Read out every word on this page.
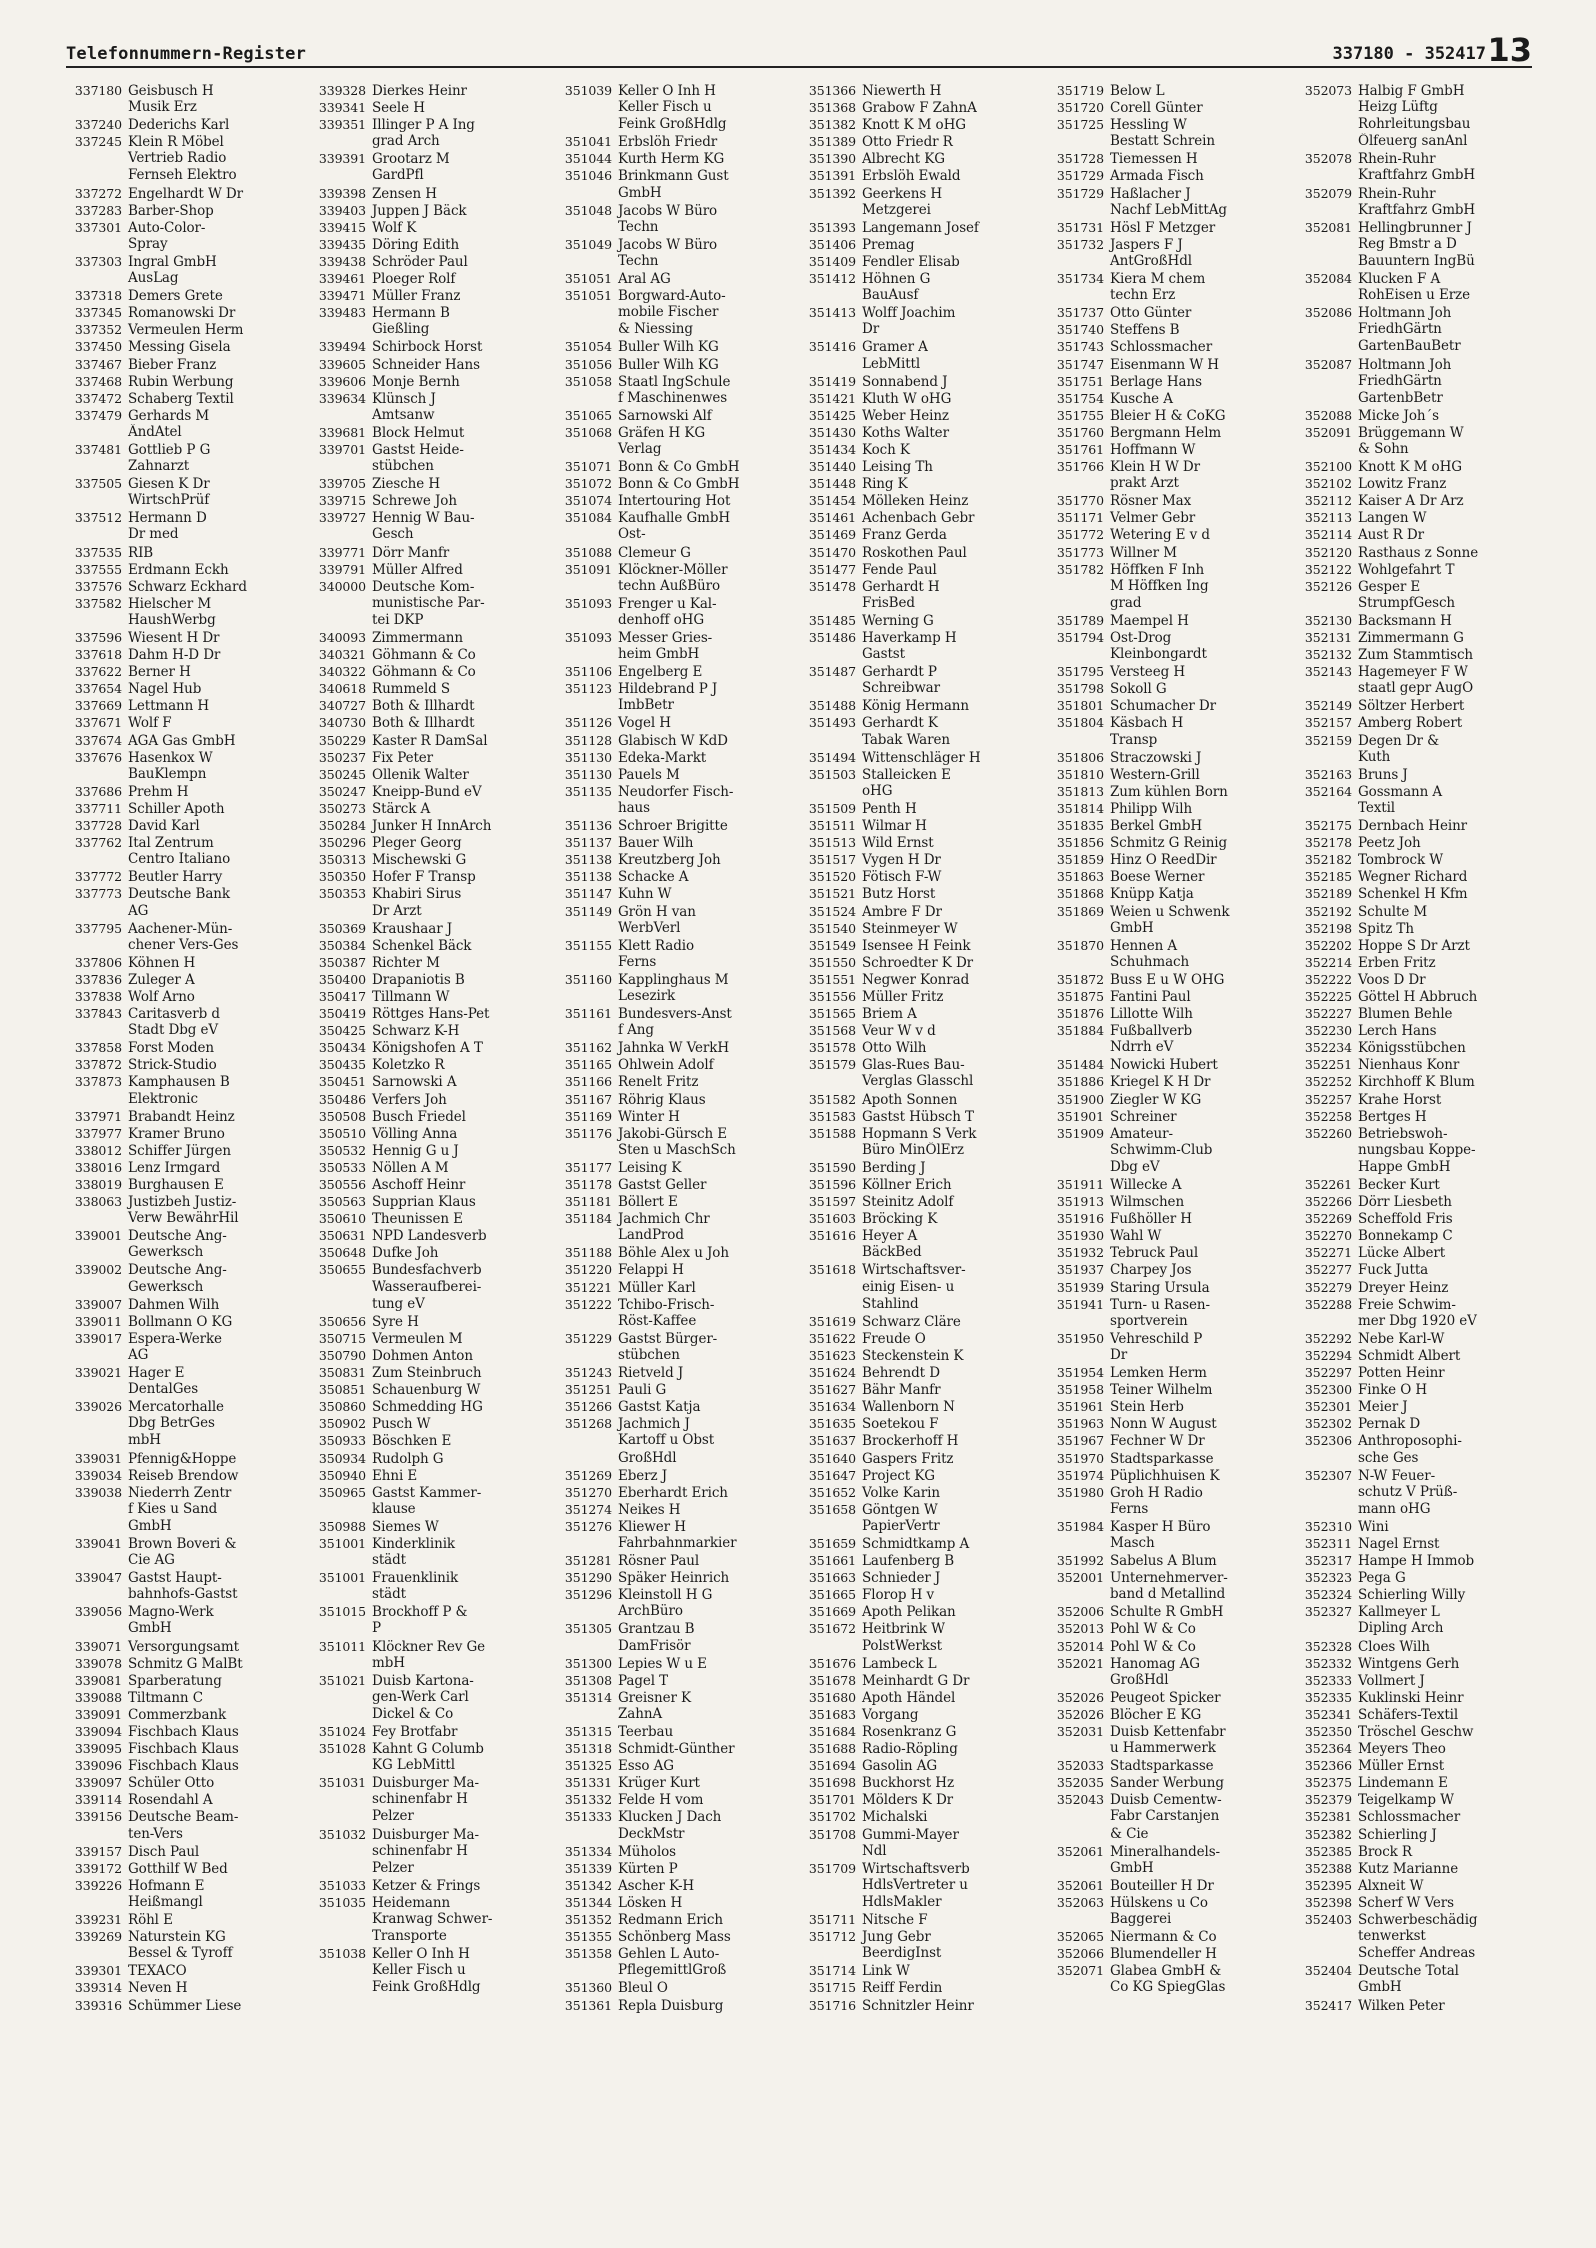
Telefonnummern-Register	337180 - 352417 13
337180 Geisbusch H
Musik Erz
337240 Dederichs Karl
337245 Klein R Möbel
Vertrieb Radio
Fernseh Elektro
337272 Engelhardt W Dr
337283 Barber-Shop
337301 Auto-Color-
Spray
337303 Ingral GmbH
AusLag
337318 Demers Grete
337345 Romanowski Dr
337352 Vermeulen Herm
337450 Messing Gisela
337467 Bieber Franz
337468 Rubin Werbung
337472 Schaberg Textil
337479 Gerhards M
ÄndAtel
337481 Gottlieb P G
Zahnarzt
337505 Giesen K Dr
WirtschPrüf
337512 Hermann D
Dr med
337535 RIB
337555 Erdmann Eckh
337576 Schwarz Eckhard
337582 Hielscher M
HaushWerbg
337596 Wiesent H Dr
337618 Dahm H-D Dr
337622 Berner H
337654 Nagel Hub
337669 Lettmann H
337671 Wolf F
337674 AGA Gas GmbH
337676 Hasenkox W
BauKlempn
337686 Prehm H
337711 Schiller Apoth
337728 David Karl
337762 Ital Zentrum
Centro Italiano
337772 Beutler Harry
337773 Deutsche Bank
AG
337795 Aachener-Mün-
chener Vers-Ges
337806 Köhnen H
337836 Zuleger A
337838 Wolf Arno
337843 Caritasverb d
Stadt Dbg eV
337858 Forst Moden
337872 Strick-Studio
337873 Kamphausen B
Elektronic
337971 Brabandt Heinz
337977 Kramer Bruno
338012 Schiffer Jürgen
338016 Lenz Irmgard
338019 Burghausen E
338063 Justizbeh Justiz-
Verw BewährHil
339001 Deutsche Ang-
Gewerksch
339002 Deutsche Ang-
Gewerksch
339007 Dahmen Wilh
339011 Bollmann O KG
339017 Espera-Werke
AG
339021 Hager E
DentalGes
339026 Mercatorhalle
Dbg BetrGes
mbH
339031 Pfennig&Hoppe
339034 Reiseb Brendow
339038 Niederrh Zentr
f Kies u Sand
GmbH
339041 Brown Boveri &
Cie AG
339047 Gastst Haupt-
bahnhofs-Gastst
339056 Magno-Werk
GmbH
339071 Versorgungsamt
339078 Schmitz G MalBt
339081 Sparberatung
339088 Tiltmann C
339091 Commerzbank
339094 Fischbach Klaus
339095 Fischbach Klaus
339096 Fischbach Klaus
339097 Schüler Otto
339114 Rosendahl A
339156 Deutsche Beam-
ten-Vers
339157 Disch Paul
339172 Gotthilf W Bed
339226 Hofmann E
Heißmangl
339231 Röhl E
339269 Naturstein KG
Bessel & Tyroff
339301 TEXACO
339314 Neven H
339316 Schümmer Liese
339328 Dierkes Heinr
339341 Seele H
339351 Illinger P A Ing
grad Arch
339391 Grootarz M
GardPfl
339398 Zensen H
339403 Juppen J Bäck
339415 Wolf K
339435 Döring Edith
339438 Schröder Paul
339461 Ploeger Rolf
339471 Müller Franz
339483 Hermann B
Gießling
339494 Schirbock Horst
339605 Schneider Hans
339606 Monje Bernh
339634 Klünsch J
Amtsanw
339681 Block Helmut
339701 Gastst Heide-
stübchen
339705 Ziesche H
339715 Schrewe Joh
339727 Hennig W Bau-
Gesch
339771 Dörr Manfr
339791 Müller Alfred
340000 Deutsche Kom-
munistische Par-
tei DKP
340093 Zimmermann
340321 Göhmann & Co
340322 Göhmann & Co
340618 Rummeld S
340727 Both & Illhardt
340730 Both & Illhardt
350229 Kaster R DamSal
350237 Fix Peter
350245 Ollenik Walter
350247 Kneipp-Bund eV
350273 Stärck A
350284 Junker H InnArch
350296 Pleger Georg
350313 Mischewski G
350350 Hofer F Transp
350353 Khabiri Sirus
Dr Arzt
350369 Kraushaar J
350384 Schenkel Bäck
350387 Richter M
350400 Drapaniotis B
350417 Tillmann W
350419 Röttges Hans-Pet
350425 Schwarz K-H
350434 Königshofen A T
350435 Koletzko R
350451 Sarnowski A
350486 Verfers Joh
350508 Busch Friedel
350510 Völling Anna
350532 Hennig G u J
350533 Nöllen A M
350556 Aschoff Heinr
350563 Supprian Klaus
350610 Theunissen E
350631 NPD Landesverb
350648 Dufke Joh
350655 Bundesfachverb
Wasseraufberei-
tung eV
350656 Syre H
350715 Vermeulen M
350790 Dohmen Anton
350831 Zum Steinbruch
350851 Schauenburg W
350860 Schmedding HG
350902 Pusch W
350933 Böschken E
350934 Rudolph G
350940 Ehni E
350965 Gastst Kammer-
klause
350988 Siemes W
351001 Kinderklinik
städt
351001 Frauenklinik
städt
351015 Brockhoff P &
P
351011 Klöckner Rev Ge
mbH
351021 Duisb Kartona-
gen-Werk Carl
Dickel & Co
351024 Fey Brotfabr
351028 Kahnt G Columb
KG LebMittl
351031 Duisburger Ma-
schinenfabr H
Pelzer
351032 Duisburger Ma-
schinenfabr H
Pelzer
351033 Ketzer & Frings
351035 Heidemann
Kranwag Schwer-
Transporte
351038 Keller O Inh H
Keller Fisch u
Feink GroßHdlg
351039 Keller O Inh H
Keller Fisch u
Feink GroßHdlg
351041 Erbslöh Friedr
351044 Kurth Herm KG
351046 Brinkmann Gust
GmbH
351048 Jacobs W Büro
Techn
351049 Jacobs W Büro
Techn
351051 Aral AG
351051 Borgward-Auto-
mobile Fischer
& Niessing
351054 Buller Wilh KG
351056 Buller Wilh KG
351058 Staatl IngSchule
f Maschinenwes
351065 Sarnowski Alf
351068 Gräfen H KG
Verlag
351071 Bonn & Co GmbH
351072 Bonn & Co GmbH
351074 Intertouring Hot
351084 Kaufhalle GmbH
Ost-
351088 Clemeur G
351091 Klöckner-Möller
techn AußBüro
351093 Frenger u Kal-
denhoff oHG
351093 Messer Gries-
heim GmbH
351106 Engelberg E
351123 Hildebrand P J
ImbBetr
351126 Vogel H
351128 Glabisch W KdD
351130 Edeka-Markt
351130 Pauels M
351135 Neudorfer Fisch-
haus
351136 Schroer Brigitte
351137 Bauer Wilh
351138 Kreutzberg Joh
351138 Schacke A
351147 Kuhn W
351149 Grön H van
WerbVerl
351155 Klett Radio
Ferns
351160 Kapplinghaus M
Lesezirk
351161 Bundesvers-Anst
f Ang
351162 Jahnka W VerkH
351165 Ohlwein Adolf
351166 Renelt Fritz
351167 Röhrig Klaus
351169 Winter H
351176 Jakobi-Gürsch E
Sten u MaschSch
351177 Leising K
351178 Gastst Geller
351181 Böllert E
351184 Jachmich Chr
LandProd
351188 Böhle Alex u Joh
351220 Felappi H
351221 Müller Karl
351222 Tchibo-Frisch-
Röst-Kaffee
351229 Gastst Bürger-
stübchen
351243 Rietveld J
351251 Pauli G
351266 Gastst Katja
351268 Jachmich J
Kartoff u Obst
GroßHdl
351269 Eberz J
351270 Eberhardt Erich
351274 Neikes H
351276 Kliewer H
Fahrbahnmarkier
351281 Rösner Paul
351290 Späker Heinrich
351296 Kleinstoll H G
ArchBüro
351305 Grantzau B
DamFrisör
351300 Lepies W u E
351308 Pagel T
351314 Greisner K
ZahnA
351315 Teerbau
351318 Schmidt-Günther
351325 Esso AG
351331 Krüger Kurt
351332 Felde H vom
351333 Klucken J Dach
DeckMstr
351334 Müholos
351339 Kürten P
351342 Ascher K-H
351344 Lösken H
351352 Redmann Erich
351355 Schönberg Mass
351358 Gehlen L Auto-
PflegemittlGroß
351360 Bleul O
351361 Repla Duisburg
351366 Niewerth H
351368 Grabow F ZahnA
351382 Knott K M oHG
351389 Otto Friedr R
351390 Albrecht KG
351391 Erbslöh Ewald
351392 Geerkens H
Metzgerei
351393 Langemann Josef
351406 Premag
351409 Fendler Elisab
351412 Höhnen G
BauAusf
351413 Wolff Joachim
Dr
351416 Gramer A
LebMittl
351419 Sonnabend J
351421 Kluth W oHG
351425 Weber Heinz
351430 Koths Walter
351434 Koch K
351440 Leising Th
351448 Ring K
351454 Mölleken Heinz
351461 Achenbach Gebr
351469 Franz Gerda
351470 Roskothen Paul
351477 Fende Paul
351478 Gerhardt H
FrisBed
351485 Werning G
351486 Haverkamp H
Gastst
351487 Gerhardt P
Schreibwar
351488 König Hermann
351493 Gerhardt K
Tabak Waren
351494 Wittenschläger H
351503 Stalleicken E
oHG
351509 Penth H
351511 Wilmar H
351513 Wild Ernst
351517 Vygen H Dr
351520 Fötisch F-W
351521 Butz Horst
351524 Ambre F Dr
351540 Steinmeyer W
351549 Isensee H Feink
351550 Schroedter K Dr
351551 Negwer Konrad
351556 Müller Fritz
351565 Briem A
351568 Veur W v d
351578 Otto Wilh
351579 Glas-Rues Bau-
Verglas Glasschl
351582 Apoth Sonnen
351583 Gastst Hübsch T
351588 Hopmann S Verk
Büro MinÖlErz
351590 Berding J
351596 Köllner Erich
351597 Steinitz Adolf
351603 Bröcking K
351616 Heyer A
BäckBed
351618 Wirtschaftsver-
einig Eisen- u
Stahlind
351619 Schwarz Cläre
351622 Freude O
351623 Steckenstein K
351624 Behrendt D
351627 Bähr Manfr
351634 Wallenborn N
351635 Soetekou F
351637 Brockerhoff H
351640 Gaspers Fritz
351647 Project KG
351652 Volke Karin
351658 Göntgen W
PapierVertr
351659 Schmidtkamp A
351661 Laufenberg B
351663 Schnieder J
351665 Florop H v
351669 Apoth Pelikan
351672 Heitbrink W
PolstWerkst
351676 Lambeck L
351678 Meinhardt G Dr
351680 Apoth Händel
351683 Vorgang
351684 Rosenkranz G
351688 Radio-Röpling
351694 Gasolin AG
351698 Buckhorst Hz
351701 Mölders K Dr
351702 Michalski
351708 Gummi-Mayer
Ndl
351709 Wirtschaftsverb
HdlsVertreter u
HdlsMakler
351711 Nitsche F
351712 Jung Gebr
BeerdigInst
351714 Link W
351715 Reiff Ferdin
351716 Schnitzler Heinr
351719 Below L
351720 Corell Günter
351725 Hessling W
Bestatt Schrein
351728 Tiemessen H
351729 Armada Fisch
351729 Haßlacher J
Nachf LebMittAg
351731 Hösl F Metzger
351732 Jaspers F J
AntGroßHdl
351734 Kiera M chem
techn Erz
351737 Otto Günter
351740 Steffens B
351743 Schlossmacher
351747 Eisenmann W H
351751 Berlage Hans
351754 Kusche A
351755 Bleier H & CoKG
351760 Bergmann Helm
351761 Hoffmann W
351766 Klein H W Dr
prakt Arzt
351770 Rösner Max
351171 Velmer Gebr
351772 Wetering E v d
351773 Willner M
351782 Höffken F Inh
M Höffken Ing
grad
351789 Maempel H
351794 Ost-Drog
Kleinbongardt
351795 Versteeg H
351798 Sokoll G
351801 Schumacher Dr
351804 Käsbach H
Transp
351806 Straczowski J
351810 Western-Grill
351813 Zum kühlen Born
351814 Philipp Wilh
351835 Berkel GmbH
351856 Schmitz G Reinig
351859 Hinz O ReedDir
351863 Boese Werner
351868 Knüpp Katja
351869 Weien u Schwenk
GmbH
351870 Hennen A
Schuhmach
351872 Buss E u W OHG
351875 Fantini Paul
351876 Lillotte Wilh
351884 Fußballverb
Ndrrh eV
351484 Nowicki Hubert
351886 Kriegel K H Dr
351900 Ziegler W KG
351901 Schreiner
351909 Amateur-
Schwimm-Club
Dbg eV
351911 Willecke A
351913 Wilmschen
351916 Fußhöller H
351930 Wahl W
351932 Tebruck Paul
351937 Charpey Jos
351939 Staring Ursula
351941 Turn- u Rasen-
sportverein
351950 Vehreschild P
Dr
351954 Lemken Herm
351958 Teiner Wilhelm
351961 Stein Herb
351963 Nonn W August
351967 Fechner W Dr
351970 Stadtsparkasse
351974 Püplichhuisen K
351980 Groh H Radio
Ferns
351984 Kasper H Büro
Masch
351992 Sabelus A Blum
352001 Unternehmerver-
band d Metallind
352006 Schulte R GmbH
352013 Pohl W & Co
352014 Pohl W & Co
352021 Hanomag AG
GroßHdl
352026 Peugeot Spicker
352026 Blöcher E KG
352031 Duisb Kettenfabr
u Hammerwerk
352033 Stadtsparkasse
352035 Sander Werbung
352043 Duisb Cementw-
Fabr Carstanjen
& Cie
352061 Mineralhandels-
GmbH
352061 Bouteiller H Dr
352063 Hülskens u Co
Baggerei
352065 Niermann & Co
352066 Blumendeller H
352071 Glabea GmbH &
Co KG SpiegGlas
352073 Halbig F GmbH
Heizg Lüftg
Rohrleitungsbau
Ölfeuerg sanAnl
352078 Rhein-Ruhr
Kraftfahrz GmbH
352079 Rhein-Ruhr
Kraftfahrz GmbH
352081 Hellingbrunner J
Reg Bmstr a D
Bauuntern IngBü
352084 Klucken F A
RohEisen u Erze
352086 Holtmann Joh
FriedhGärtn
GartenBauBetr
352087 Holtmann Joh
FriedhGärtn
GartenbBetr
352088 Micke Joh´s
352091 Brüggemann W
& Sohn
352100 Knott K M oHG
352102 Lowitz Franz
352112 Kaiser A Dr Arz
352113 Langen W
352114 Aust R Dr
352120 Rasthaus z Sonne
352122 Wohlgefahrt T
352126 Gesper E
StrumpfGesch
352130 Backsmann H
352131 Zimmermann G
352132 Zum Stammtisch
352143 Hagemeyer F W
staatl gepr AugO
352149 Söltzer Herbert
352157 Amberg Robert
352159 Degen Dr &
Kuth
352163 Bruns J
352164 Gossmann A
Textil
352175 Dernbach Heinr
352178 Peetz Joh
352182 Tombrock W
352185 Wegner Richard
352189 Schenkel H Kfm
352192 Schulte M
352198 Spitz Th
352202 Hoppe S Dr Arzt
352214 Erben Fritz
352222 Voos D Dr
352225 Göttel H Abbruch
352227 Blumen Behle
352230 Lerch Hans
352234 Königsstübchen
352251 Nienhaus Konr
352252 Kirchhoff K Blum
352257 Krahe Horst
352258 Bertges H
352260 Betriebswoh-
nungsbau Koppe-
Happe GmbH
352261 Becker Kurt
352266 Dörr Liesbeth
352269 Scheffold Fris
352270 Bonnekamp C
352271 Lücke Albert
352277 Fuck Jutta
352279 Dreyer Heinz
352288 Freie Schwim-
mer Dbg 1920 eV
352292 Nebe Karl-W
352294 Schmidt Albert
352297 Potten Heinr
352300 Finke O H
352301 Meier J
352302 Pernak D
352306 Anthroposophi-
sche Ges
352307 N-W Feuer-
schutz V Prüß-
mann oHG
352310 Wini
352311 Nagel Ernst
352317 Hampe H Immob
352323 Pega G
352324 Schierling Willy
352327 Kallmeyer L
Dipling Arch
352328 Cloes Wilh
352332 Wintgens Gerh
352333 Vollmert J
352335 Kuklinski Heinr
352341 Schäfers-Textil
352350 Tröschel Geschw
352364 Meyers Theo
352366 Müller Ernst
352375 Lindemann E
352379 Teigelkamp W
352381 Schlossmacher
352382 Schierling J
352385 Brock R
352388 Kutz Marianne
352395 Alxneit W
352398 Scherf W Vers
352403 Schwerbeschädig
tenwerkst
Scheffer Andreas
352404 Deutsche Total
GmbH
352417 Wilken Peter
